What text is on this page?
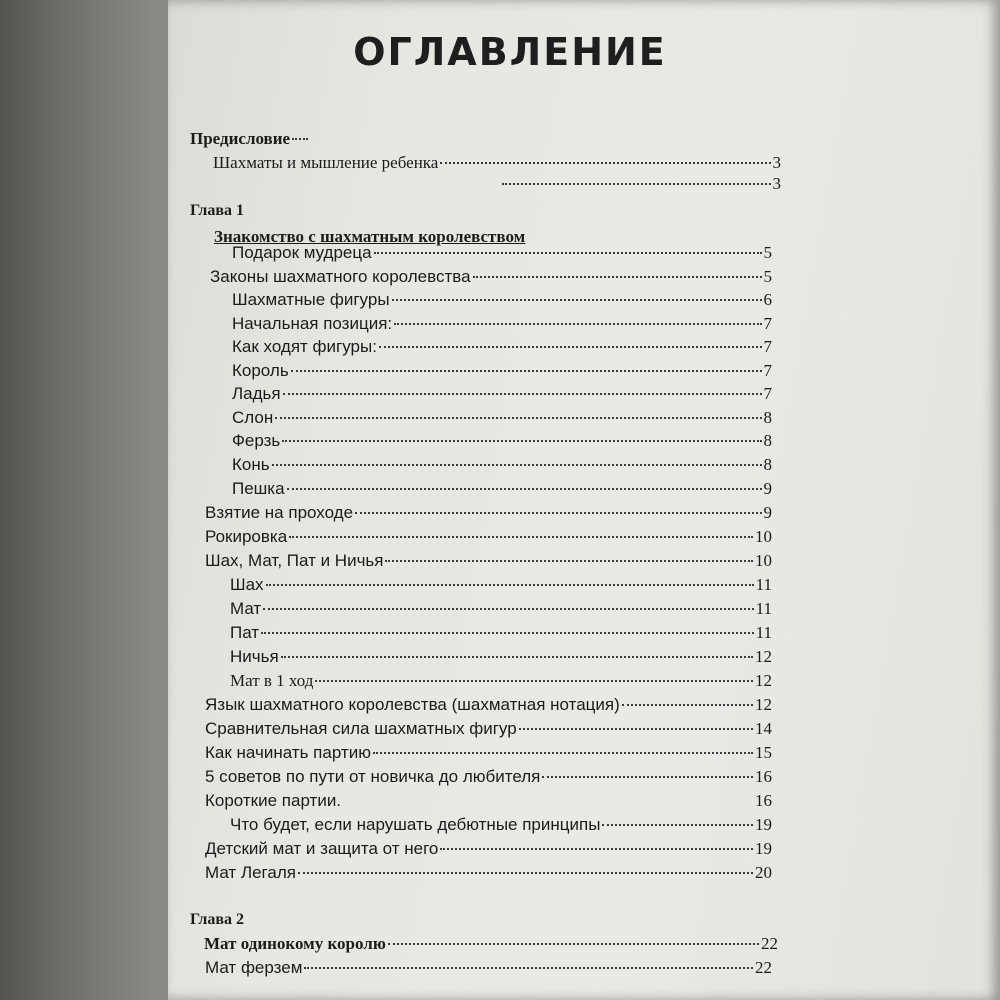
ОГЛАВЛЕНИЕ
Предисловие
Шахматы и мышление ребенка	3
3
Глава 1
Знакомство с шахматным королевством
Подарок мудреца	5
Законы шахматного королевства	5
Шахматные фигуры	6
Начальная позиция:	7
Как ходят фигуры:	7
Король	7
Ладья	7
Слон	8
Ферзь	8
Конь	8
Пешка	9
Взятие на проходе	9
Рокировка	10
Шах, Мат, Пат и Ничья	10
Шах	11
Мат	11
Пат	11
Ничья	12
Мат в 1 ход	12
Язык шахматного королевства (шахматная нотация)	12
Сравнительная сила шахматных фигур	14
Как начинать партию	15
5 советов по пути от новичка до любителя	16
Короткие партии.	16
Что будет, если нарушать дебютные принципы	19
Детский мат и защита от него	19
Мат Легаля	20
Глава 2
Мат одинокому королю	22
Мат ферзем	22
